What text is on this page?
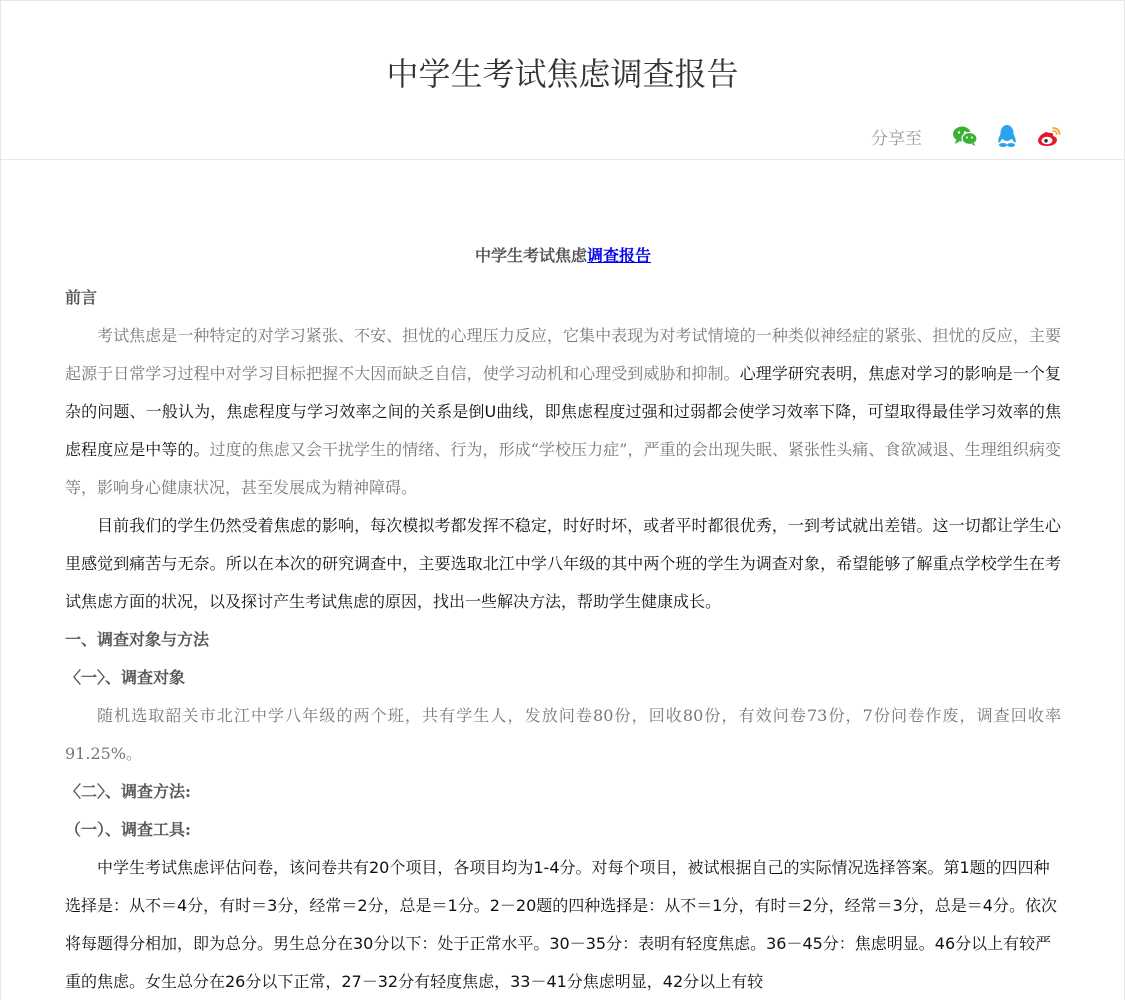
中学生考试焦虑调查报告
分享至
中学生考试焦虑调查报告
前言

考试焦虑是一种特定的对学习紧张、不安、担忧的心理压力反应，它集中表现为对考试情境的一种类似神经症的紧张、担忧的反应，主要起源于日常学习过程中对学习目标把握不大因而缺乏自信，使学习动机和心理受到威胁和抑制。心理学研究表明，焦虑对学习的影响是一个复杂的问题、一般认为，焦虑程度与学习效率之间的关系是倒U曲线，即焦虑程度过强和过弱都会使学习效率下降，可望取得最佳学习效率的焦虑程度应是中等的。过度的焦虑又会干扰学生的情绪、行为，形成“学校压力症”，严重的会出现失眠、紧张性头痛、食欲减退、生理组织病变等，影响身心健康状况，甚至发展成为精神障碍。

目前我们的学生仍然受着焦虑的影响，每次模拟考都发挥不稳定，时好时坏，或者平时都很优秀，一到考试就出差错。这一切都让学生心里感觉到痛苦与无奈。所以在本次的研究调查中，主要选取北江中学八年级的其中两个班的学生为调查对象，希望能够了解重点学校学生在考试焦虑方面的状况，以及探讨产生考试焦虑的原因，找出一些解决方法，帮助学生健康成长。

一、调查对象与方法
〈一〉、调查对象

随机选取韶关市北江中学八年级的两个班，共有学生人，发放问卷80份，回收80份，有效问卷73份，7份问卷作废，调查回收率91.25%。

〈二〉、调查方法:
（一）、调查工具:

中学生考试焦虑评估问卷，该问卷共有20个项目，各项目均为1-4分。对每个项目，被试根据自己的实际情况选择答案。第1题的四四种选择是：从不＝4分，有时＝3分，经常＝2分，总是＝1分。2－20题的四种选择是：从不＝1分，有时＝2分，经常＝3分，总是＝4分。依次将每题得分相加，即为总分。男生总分在30分以下：处于正常水平。30－35分：表明有轻度焦虑。36－45分：焦虑明显。46分以上有较严重的焦虑。女生总分在26分以下正常，27－32分有轻度焦虑，33－41分焦虑明显，42分以上有较
